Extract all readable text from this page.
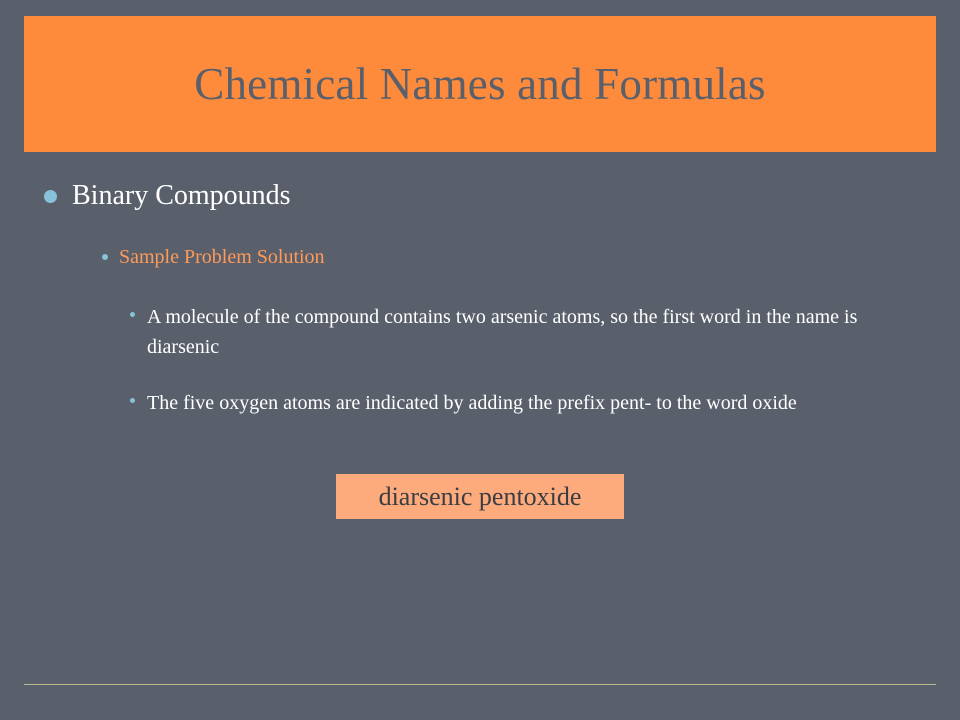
Chemical Names and Formulas
Binary Compounds
Sample Problem Solution
A molecule of the compound contains two arsenic atoms, so the first word in the name is diarsenic
The five oxygen atoms are indicated by adding the prefix pent- to the word oxide
diarsenic pentoxide
